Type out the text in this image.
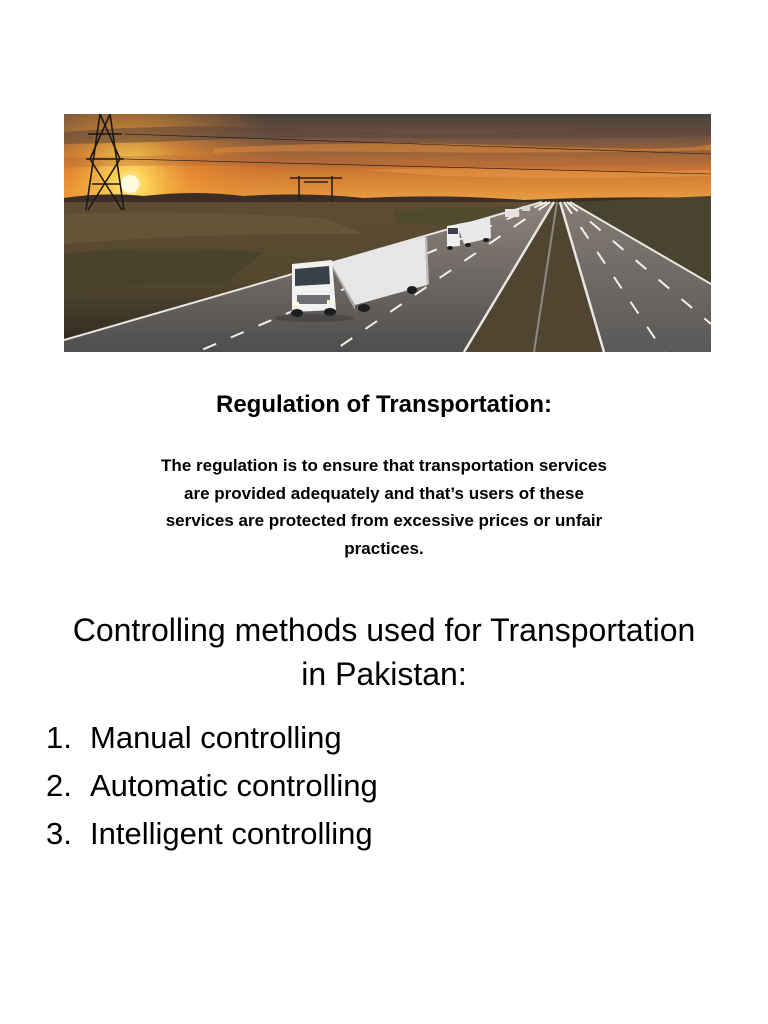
Regulation of Transportation:
The regulation is to ensure that transportation services
are provided adequately and that’s users of these
services are protected from excessive prices or unfair
practices.
Controlling methods used for Transportation
in Pakistan:
1. Manual controlling
2. Automatic controlling
3. Intelligent controlling
